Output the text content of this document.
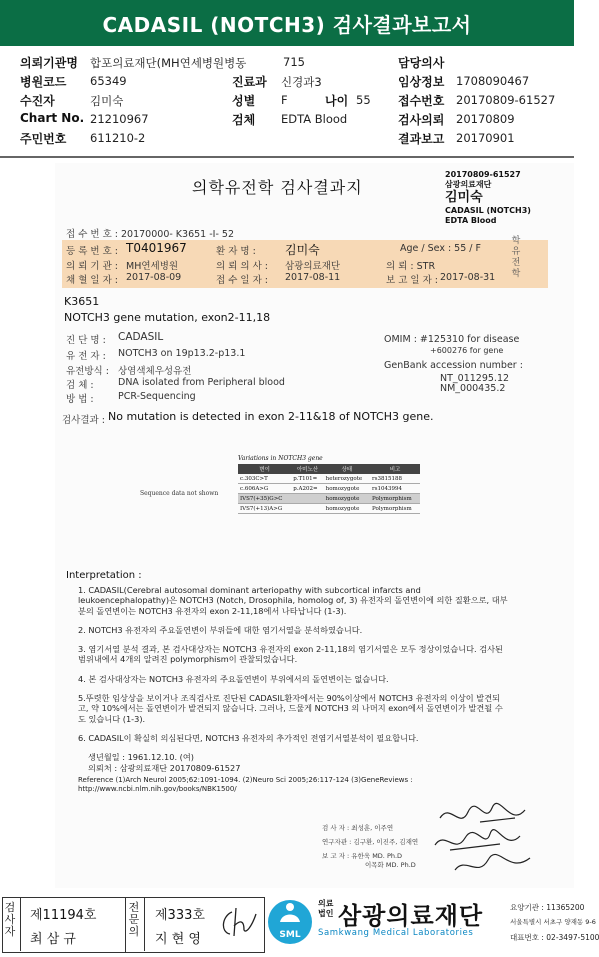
CADASIL (NOTCH3) 검사결과보고서
의뢰기관명 합포의료재단(MH연세병원병동	715	담당의사
병원코드 65349	진료과 신경과3	임상정보 1708090467
수진자	김미숙	성별 F	나이 55 접수번호 20170809-61527
Chart No. 21210967	검체 EDTA Blood	검사의뢰 20170809
주민번호 611210-2	결과보고 20170901
의학유전학 검사결과지
20170809-61527
삼광의료재단
김미숙
CADASIL (NOTCH3)
EDTA Blood
접 수 번 호 : 20170000- K3651 -I- 52
학유전학
등 록 번 호 : T0401967	환 자 명 : 김미숙	Age / Sex : 55 / F
의 뢰 기 관 : MH연세병원	의 뢰 의 사 : 삼광의료재단	의 뢰 : STR
채 혈 일 자 : 2017-08-09	접 수 일 자 : 2017-08-11	보 고 일 자 : 2017-08-31
K3651
NOTCH3 gene mutation, exon2-11,18
진 단 명 : CADASIL
유 전 자 : NOTCH3 on 19p13.2-p13.1
유전방식 : 상염색체우성유전
검 체 :	DNA isolated from Peripheral blood
방 법 :	PCR-Sequencing
OMIM : #125310 for disease
+600276 for gene
GenBank accession number :
NT_011295.12
NM_000435.2
검사결과 : No mutation is detected in exon 2-11&18 of NOTCH3 gene.
Sequence data not shown
Variations in NOTCH3 gene
변이	아미노산	상태	비고
c.303C>T	p.T101=	heterozygote	rs3815188
c.606A>G	p.A202=	homozygote	rs1043994
IVS7(+35)G>C		homozygote	Polymorphism
IVS7(+13)A>G		homozygote	Polymorphism
Interpretation :

1. CADASIL(Cerebral autosomal dominant arteriopathy with subcortical infarcts and leukoencephalopathy)은 NOTCH3 (Notch, Drosophila, homolog of, 3) 유전자의 돌연변이에 의한 질환으로, 대부분의 돌연변이는 NOTCH3 유전자의 exon 2-11,18에서 나타납니다 (1-3).

2. NOTCH3 유전자의 주요돌연변이 부위들에 대한 염기서열을 분석하였습니다.

3. 염기서열 분석 결과, 본 검사대상자는 NOTCH3 유전자의 exon 2-11,18의 염기서열은 모두 정상이었습니다. 검사된 범위내에서 4개의 알려진 polymorphism이 관찰되었습니다.

4. 본 검사대상자는 NOTCH3 유전자의 주요돌연변이 부위에서의 돌연변이는 없습니다.

5.뚜렷한 임상상을 보이거나 조직검사로 진단된 CADASIL환자에서는 90%이상에서 NOTCH3 유전자의 이상이 발견되고, 약 10%에서는 돌연변이가 발견되지 않습니다. 그러나, 드물게 NOTCH3 의 나머지 exon에서 돌연변이가 발견될 수도 있습니다 (1-3).

6. CADASIL이 확실히 의심된다면, NOTCH3 유전자의 추가적인 전염기서열분석이 필요합니다.

생년월일 : 1961.12.10. (여)
의뢰처 : 삼광의료재단 20170809-61527
Reference (1)Arch Neurol 2005;62:1091-1094. (2)Neuro Sci 2005;26:117-124 (3)GeneReviews : http://www.ncbi.nlm.nih.gov/books/NBK1500/
검 사 자 : 최성훈, 이주연
연구자관 : 김구환, 이진주, 김재연
보 고 자 : 유한욱 MD. Ph.D
이목화 MD. Ph.D
검사자
제11194호
최 삼 규
전문의
제333호
지 현 영	SML
의료
법인 삼광의료재단
Samkwang Medical Laboratories
요양기관 : 11365200
서울특별시 서초구 양재동 9-6
대표번호 : 02-3497-5100
